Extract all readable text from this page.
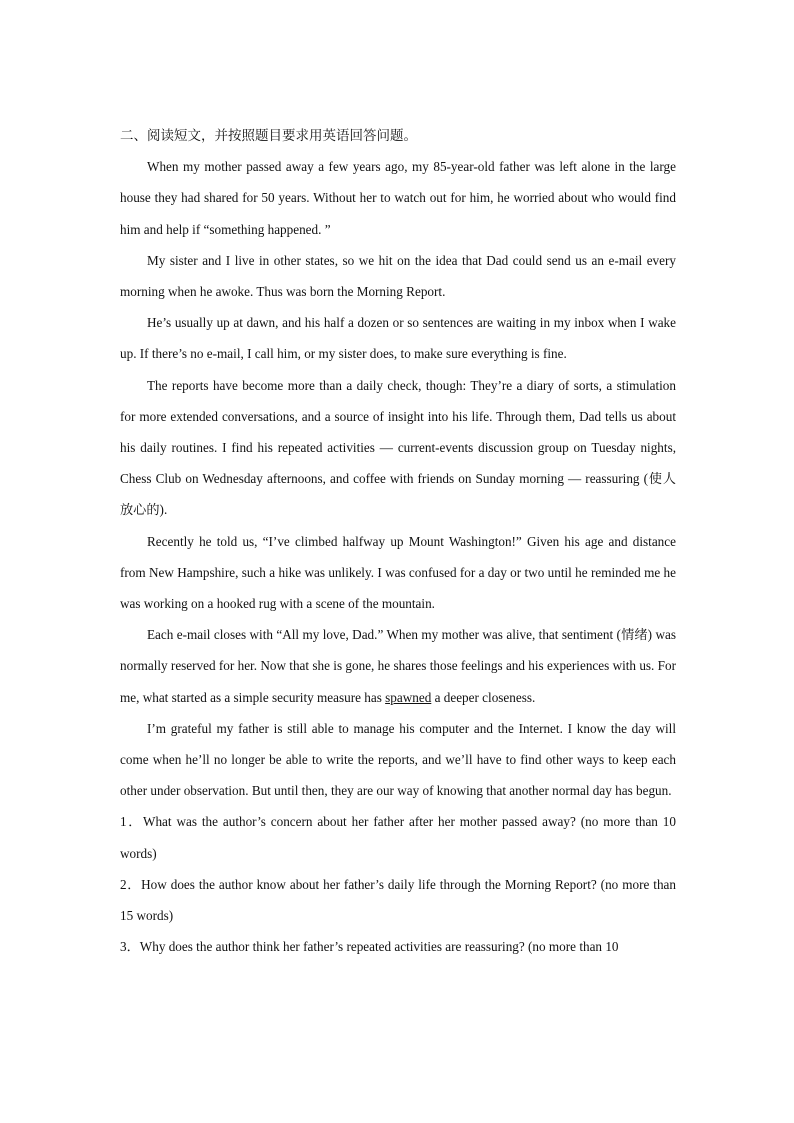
二、阅读短文，并按照题目要求用英语回答问题。

When my mother passed away a few years ago, my 85-year-old father was left alone in the large house they had shared for 50 years. Without her to watch out for him, he worried about who would find him and help if “something happened. ”

My sister and I live in other states, so we hit on the idea that Dad could send us an e-mail every morning when he awoke. Thus was born the Morning Report.

He’s usually up at dawn, and his half a dozen or so sentences are waiting in my inbox when I wake up. If there’s no e-mail, I call him, or my sister does, to make sure everything is fine.

The reports have become more than a daily check, though: They’re a diary of sorts, a stimulation for more extended conversations, and a source of insight into his life. Through them, Dad tells us about his daily routines. I find his repeated activities — current-events discussion group on Tuesday nights, Chess Club on Wednesday afternoons, and coffee with friends on Sunday morning — reassuring (使人放心的).

Recently he told us, “I’ve climbed halfway up Mount Washington!” Given his age and distance from New Hampshire, such a hike was unlikely. I was confused for a day or two until he reminded me he was working on a hooked rug with a scene of the mountain.

Each e-mail closes with “All my love, Dad.” When my mother was alive, that sentiment (情绪) was normally reserved for her. Now that she is gone, he shares those feelings and his experiences with us. For me, what started as a simple security measure has spawned a deeper closeness.

I’m grateful my father is still able to manage his computer and the Internet. I know the day will come when he’ll no longer be able to write the reports, and we’ll have to find other ways to keep each other under observation. But until then, they are our way of knowing that another normal day has begun.

1．What was the author’s concern about her father after her mother passed away? (no more than 10 words)

2．How does the author know about her father’s daily life through the Morning Report? (no more than 15 words)

3．Why does the author think her father’s repeated activities are reassuring? (no more than 10
